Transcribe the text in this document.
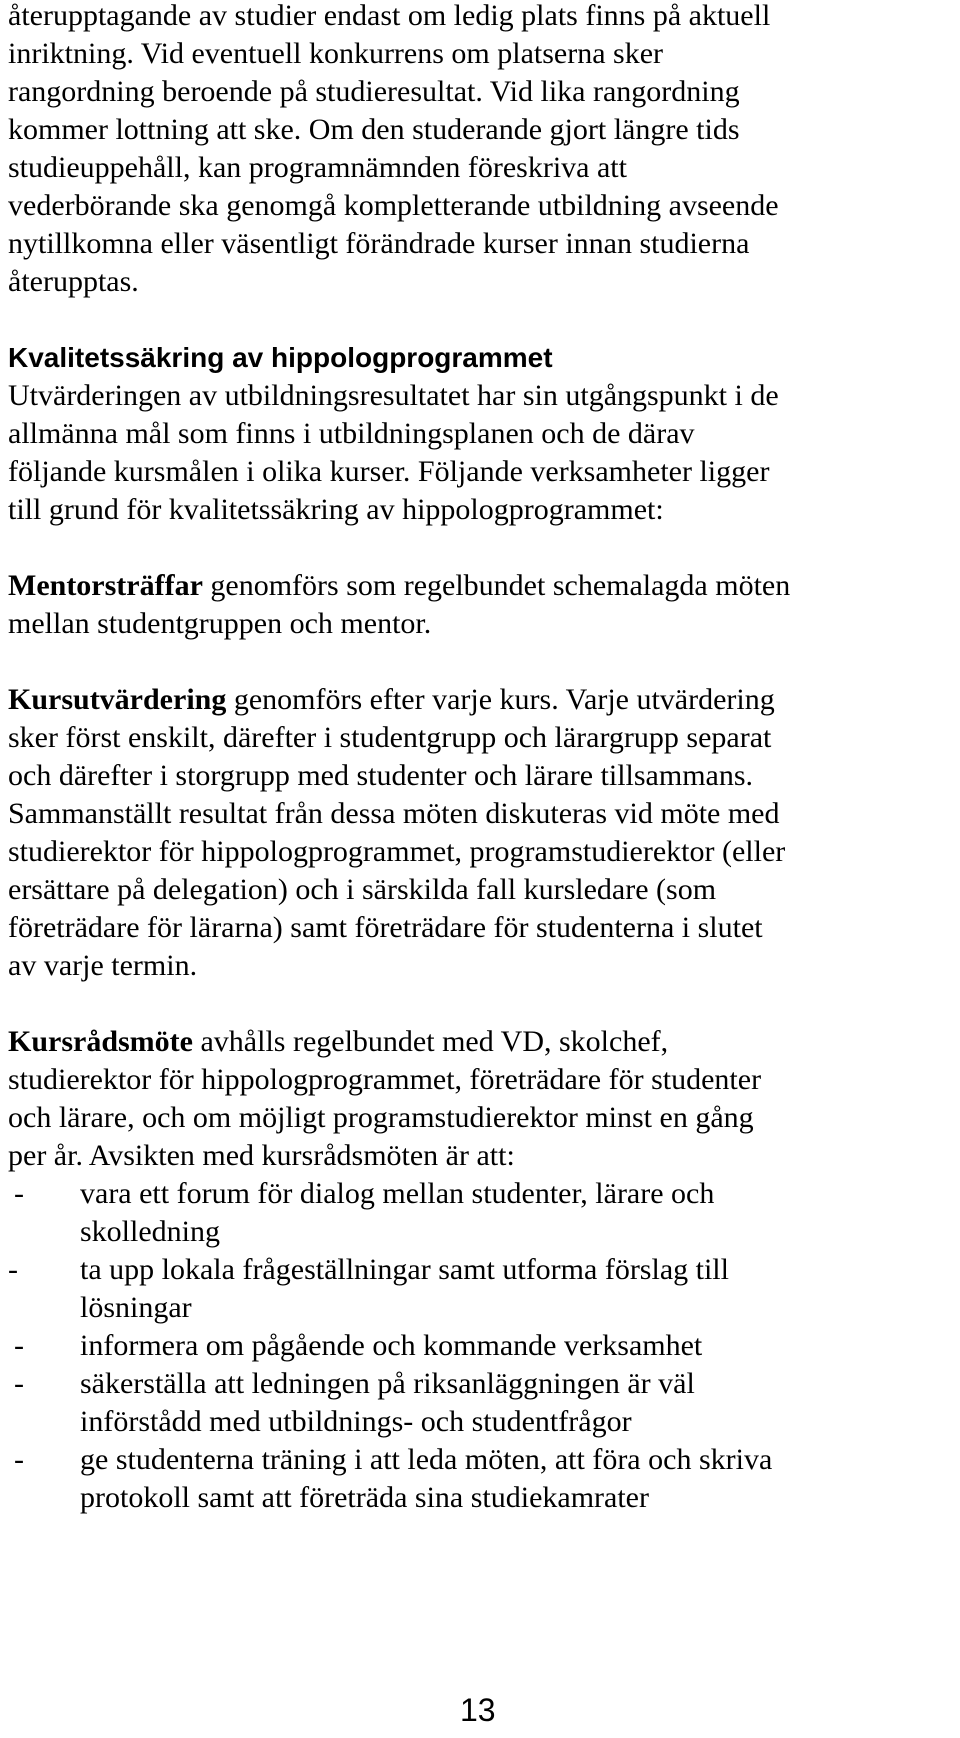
återupptagande av studier endast om ledig plats finns på aktuell

inriktning. Vid eventuell konkurrens om platserna sker

rangordning beroende på studieresultat. Vid lika rangordning

kommer lottning att ske. Om den studerande gjort längre tids

studieuppehåll, kan programnämnden föreskriva att

vederbörande ska genomgå kompletterande utbildning avseende

nytillkomna eller väsentligt förändrade kurser innan studierna

återupptas.

Kvalitetssäkring av hippologprogrammet

Utvärderingen av utbildningsresultatet har sin utgångspunkt i de

allmänna mål som finns i utbildningsplanen och de därav

följande kursmålen i olika kurser. Följande verksamheter ligger

till grund för kvalitetssäkring av hippologprogrammet:

Mentorsträffar genomförs som regelbundet schemalagda möten

mellan studentgruppen och mentor.

Kursutvärdering genomförs efter varje kurs. Varje utvärdering

sker först enskilt, därefter i studentgrupp och lärargrupp separat

och därefter i storgrupp med studenter och lärare tillsammans.

Sammanställt resultat från dessa möten diskuteras vid möte med

studierektor för hippologprogrammet, programstudierektor (eller

ersättare på delegation) och i särskilda fall kursledare (som

företrädare för lärarna) samt företrädare för studenterna i slutet

av varje termin.

Kursrådsmöte avhålls regelbundet med VD, skolchef,

studierektor för hippologprogrammet, företrädare för studenter

och lärare, och om möjligt programstudierektor minst en gång

per år. Avsikten med kursrådsmöten är att:

- vara ett forum för dialog mellan studenter, lärare och
skolledning
- ta upp lokala frågeställningar samt utforma förslag till
lösningar
- informera om pågående och kommande verksamhet
- säkerställa att ledningen på riksanläggningen är väl
införstådd med utbildnings- och studentfrågor
- ge studenterna träning i att leda möten, att föra och skriva
protokoll samt att företräda sina studiekamrater
13
